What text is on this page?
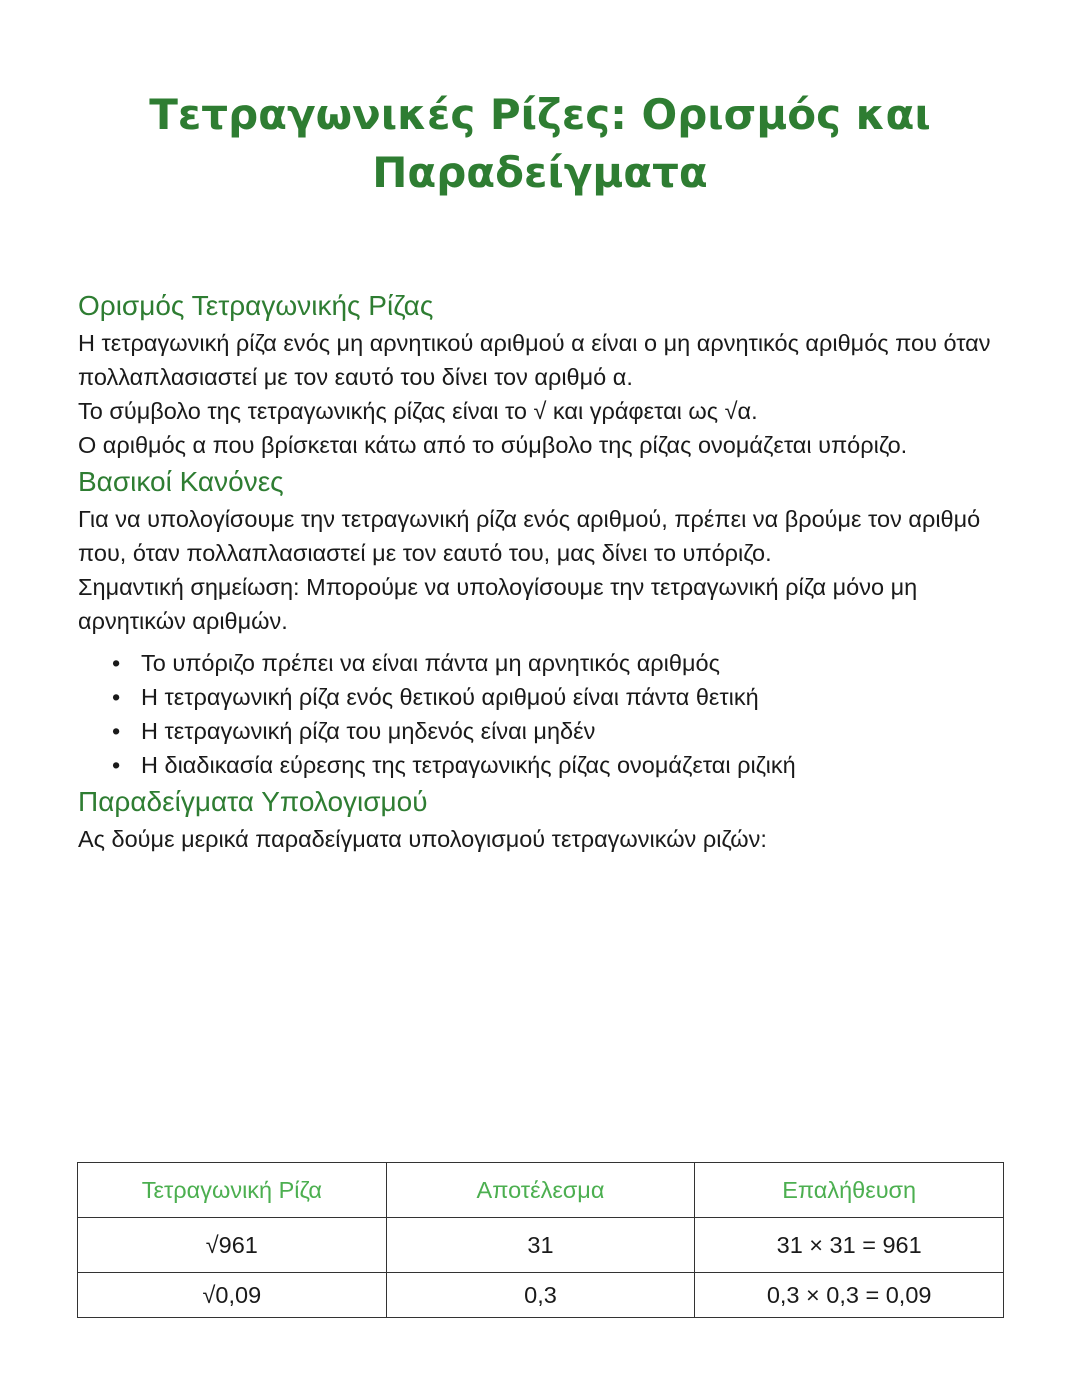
Τετραγωνικές Ρίζες: Ορισμός και Παραδείγματα
Ορισμός Τετραγωνικής Ρίζας

Η τετραγωνική ρίζα ενός μη αρνητικού αριθμού α είναι ο μη αρνητικός αριθμός που όταν πολλαπλασιαστεί με τον εαυτό του δίνει τον αριθμό α.

Το σύμβολο της τετραγωνικής ρίζας είναι το √ και γράφεται ως √α.

Ο αριθμός α που βρίσκεται κάτω από το σύμβολο της ρίζας ονομάζεται υπόριζο.

Βασικοί Κανόνες

Για να υπολογίσουμε την τετραγωνική ρίζα ενός αριθμού, πρέπει να βρούμε τον αριθμό που, όταν πολλαπλασιαστεί με τον εαυτό του, μας δίνει το υπόριζο.

Σημαντική σημείωση: Μπορούμε να υπολογίσουμε την τετραγωνική ρίζα μόνο μη αρνητικών αριθμών.

• Το υπόριζο πρέπει να είναι πάντα μη αρνητικός αριθμός
• Η τετραγωνική ρίζα ενός θετικού αριθμού είναι πάντα θετική
• Η τετραγωνική ρίζα του μηδενός είναι μηδέν
• Η διαδικασία εύρεσης της τετραγωνικής ρίζας ονομάζεται ριζική
Παραδείγματα Υπολογισμού

Ας δούμε μερικά παραδείγματα υπολογισμού τετραγωνικών ριζών:

Τετραγωνική Ρίζα	Αποτέλεσμα	Επαλήθευση
√961	31	31 × 31 = 961
√0,09	0,3	0,3 × 0,3 = 0,09
